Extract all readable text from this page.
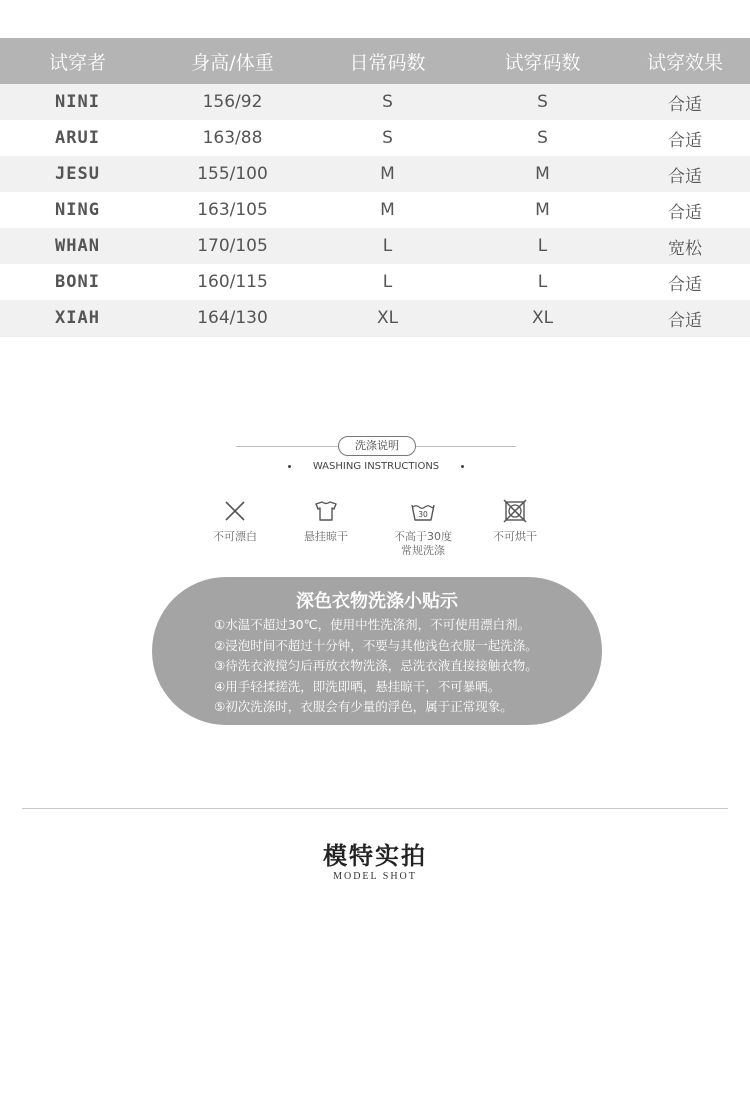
试穿者	身高/体重	日常码数	试穿码数	试穿效果
NINI	156/92	S	S	合适
ARUI	163/88	S	S	合适
JESU	155/100	M	M	合适
NING	163/105	M	M	合适
WHAN	170/105	L	L	宽松
BONI	160/115	L	L	合适
XIAH	164/130	XL	XL	合适
洗涤说明
WASHING INSTRUCTIONS
不可漂白	悬挂晾干
30
不高于30度
常规洗涤
不可烘干
深色衣物洗涤小贴示
①水温不超过30℃，使用中性洗涤剂，不可使用漂白剂。
②浸泡时间不超过十分钟，不要与其他浅色衣服一起洗涤。
③待洗衣液搅匀后再放衣物洗涤，忌洗衣液直接接触衣物。
④用手轻揉搓洗，即洗即晒，悬挂晾干，不可暴晒。
⑤初次洗涤时，衣服会有少量的浮色，属于正常现象。
模特实拍
MODEL SHOT
